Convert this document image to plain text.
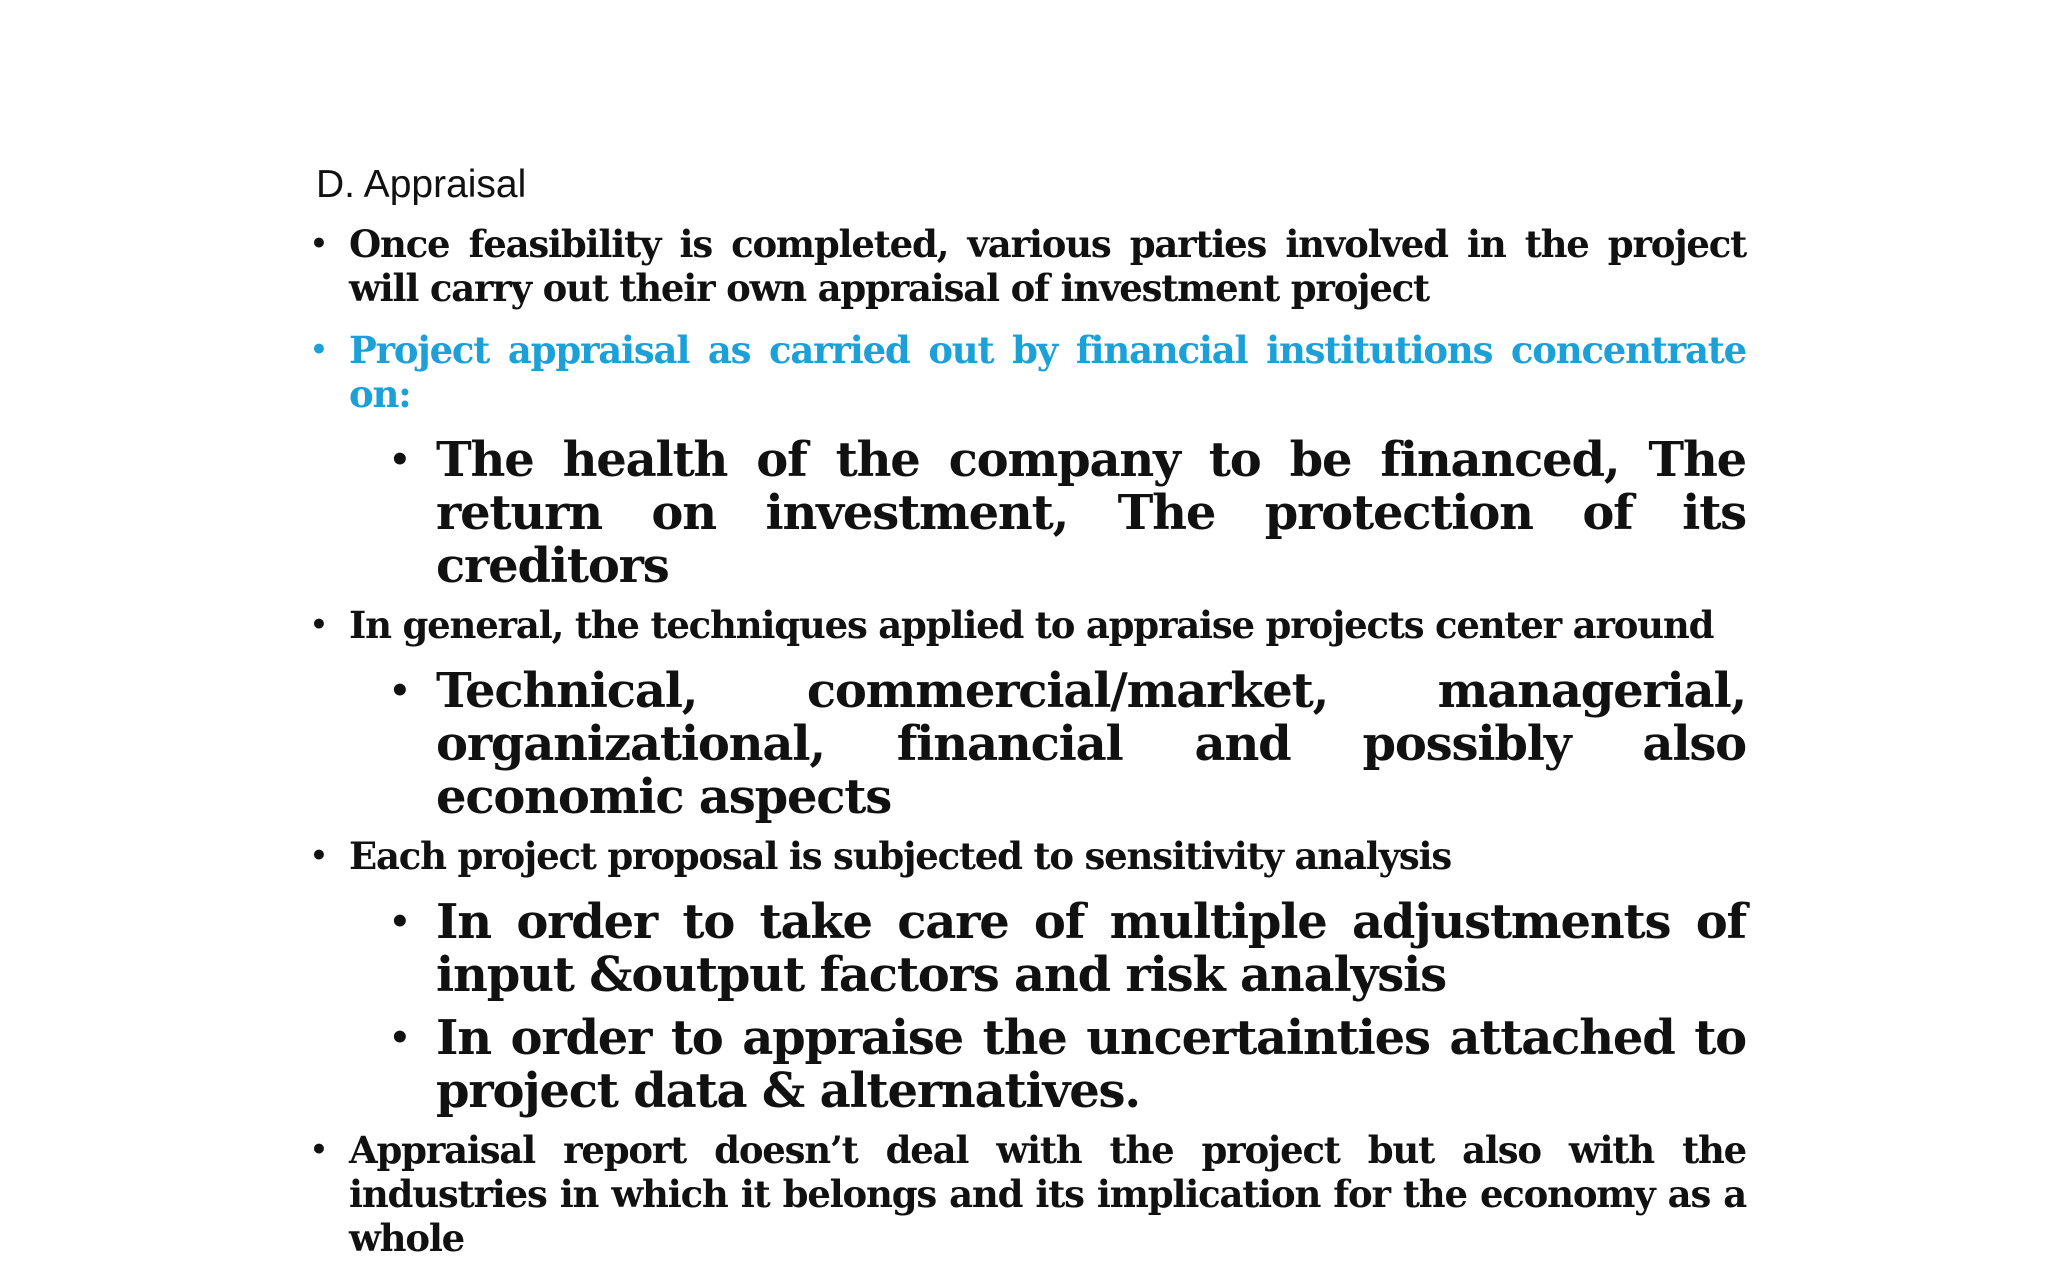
D. Appraisal
• Once feasibility is completed, various parties involved in the project will carry out their own appraisal of investment project
• Project appraisal as carried out by financial institutions concentrate on:
• The health of the company to be financed, The return on investment, The protection of its creditors
• In general, the techniques applied to appraise projects center around
• Technical, commercial/market, managerial, organizational, financial and possibly also economic aspects
• Each project proposal is subjected to sensitivity analysis
• In order to take care of multiple adjustments of input &output factors and risk analysis
• In order to appraise the uncertainties attached to project data & alternatives.
• Appraisal report doesn’t deal with the project but also with the industries in which it belongs and its implication for the economy as a whole
